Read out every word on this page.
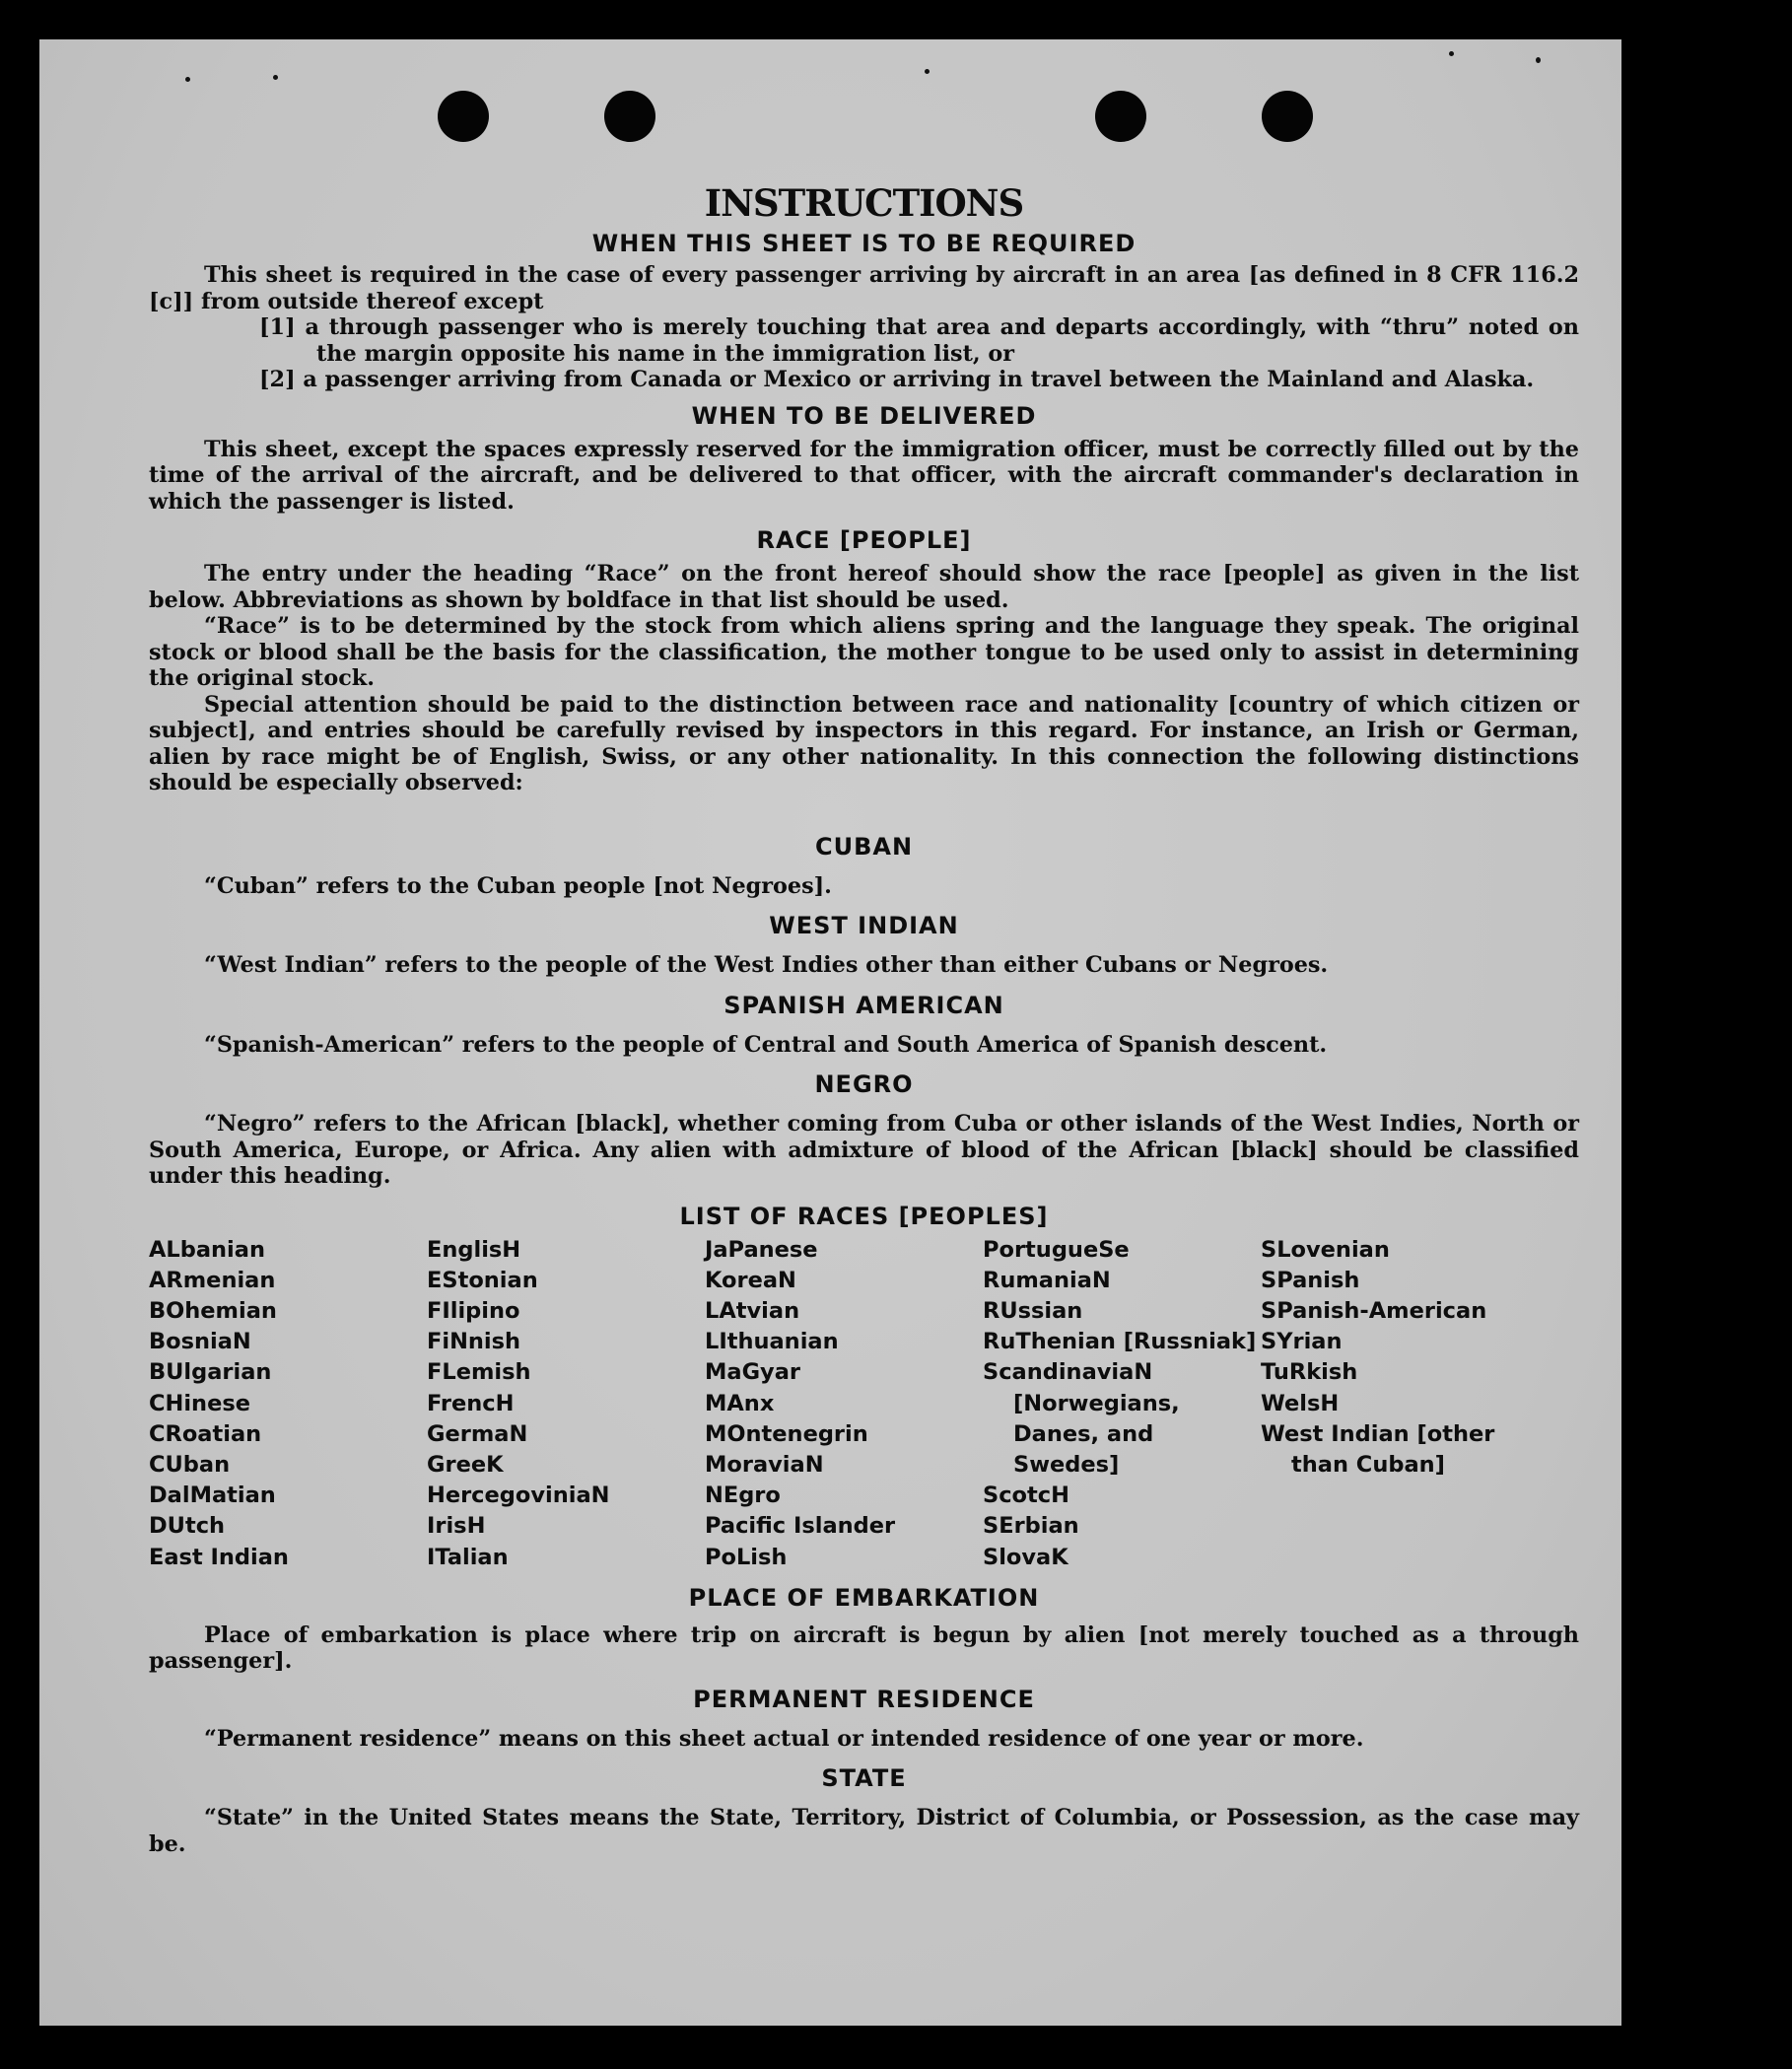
INSTRUCTIONS
WHEN THIS SHEET IS TO BE REQUIRED

This sheet is required in the case of every passenger arriving by aircraft in an area [as defined in 8 CFR 116.2 [c]] from outside thereof except

[1] a through passenger who is merely touching that area and departs accordingly, with “thru” noted on the margin opposite his name in the immigration list, or

[2] a passenger arriving from Canada or Mexico or arriving in travel between the Mainland and Alaska.

WHEN TO BE DELIVERED

This sheet, except the spaces expressly reserved for the immigration officer, must be correctly filled out by the time of the arrival of the aircraft, and be delivered to that officer, with the aircraft commander's declaration in which the passenger is listed.

RACE [PEOPLE]

The entry under the heading “Race” on the front hereof should show the race [people] as given in the list below. Abbreviations as shown by boldface in that list should be used.

“Race” is to be determined by the stock from which aliens spring and the language they speak. The original stock or blood shall be the basis for the classification, the mother tongue to be used only to assist in determining the original stock.

Special attention should be paid to the distinction between race and nationality [country of which citizen or subject], and entries should be carefully revised by inspectors in this regard. For instance, an Irish or German, alien by race might be of English, Swiss, or any other nationality. In this connection the following distinctions should be especially observed:

CUBAN

“Cuban” refers to the Cuban people [not Negroes].

WEST INDIAN

“West Indian” refers to the people of the West Indies other than either Cubans or Negroes.

SPANISH AMERICAN

“Spanish-American” refers to the people of Central and South America of Spanish descent.

NEGRO

“Negro” refers to the African [black], whether coming from Cuba or other islands of the West Indies, North or South America, Europe, or Africa. Any alien with admixture of blood of the African [black] should be classified under this heading.

LIST OF RACES [PEOPLES]
ALbanian
ARmenian
BOhemian
BosniaN
BUlgarian
CHinese
CRoatian
CUban
DalMatian
DUtch
East Indian
EnglisH
EStonian
FIlipino
FiNnish
FLemish
FrencH
GermaN
GreeK
HercegoviniaN
IrisH
ITalian
JaPanese
KoreaN
LAtvian
LIthuanian
MaGyar
MAnx
MOntenegrin
MoraviaN
NEgro
Pacific Islander
PoLish
PortugueSe
RumaniaN
RUssian
RuThenian [Russniak]
ScandinaviaN [Norwegians, Danes, and Swedes]
ScotcH
SErbian
SlovaK
SLovenian
SPanish
SPanish-American
SYrian
TuRkish
WelsH
West Indian [other than Cuban]
PLACE OF EMBARKATION

Place of embarkation is place where trip on aircraft is begun by alien [not merely touched as a through passenger].

PERMANENT RESIDENCE

“Permanent residence” means on this sheet actual or intended residence of one year or more.

STATE

“State” in the United States means the State, Territory, District of Columbia, or Possession, as the case may be.
